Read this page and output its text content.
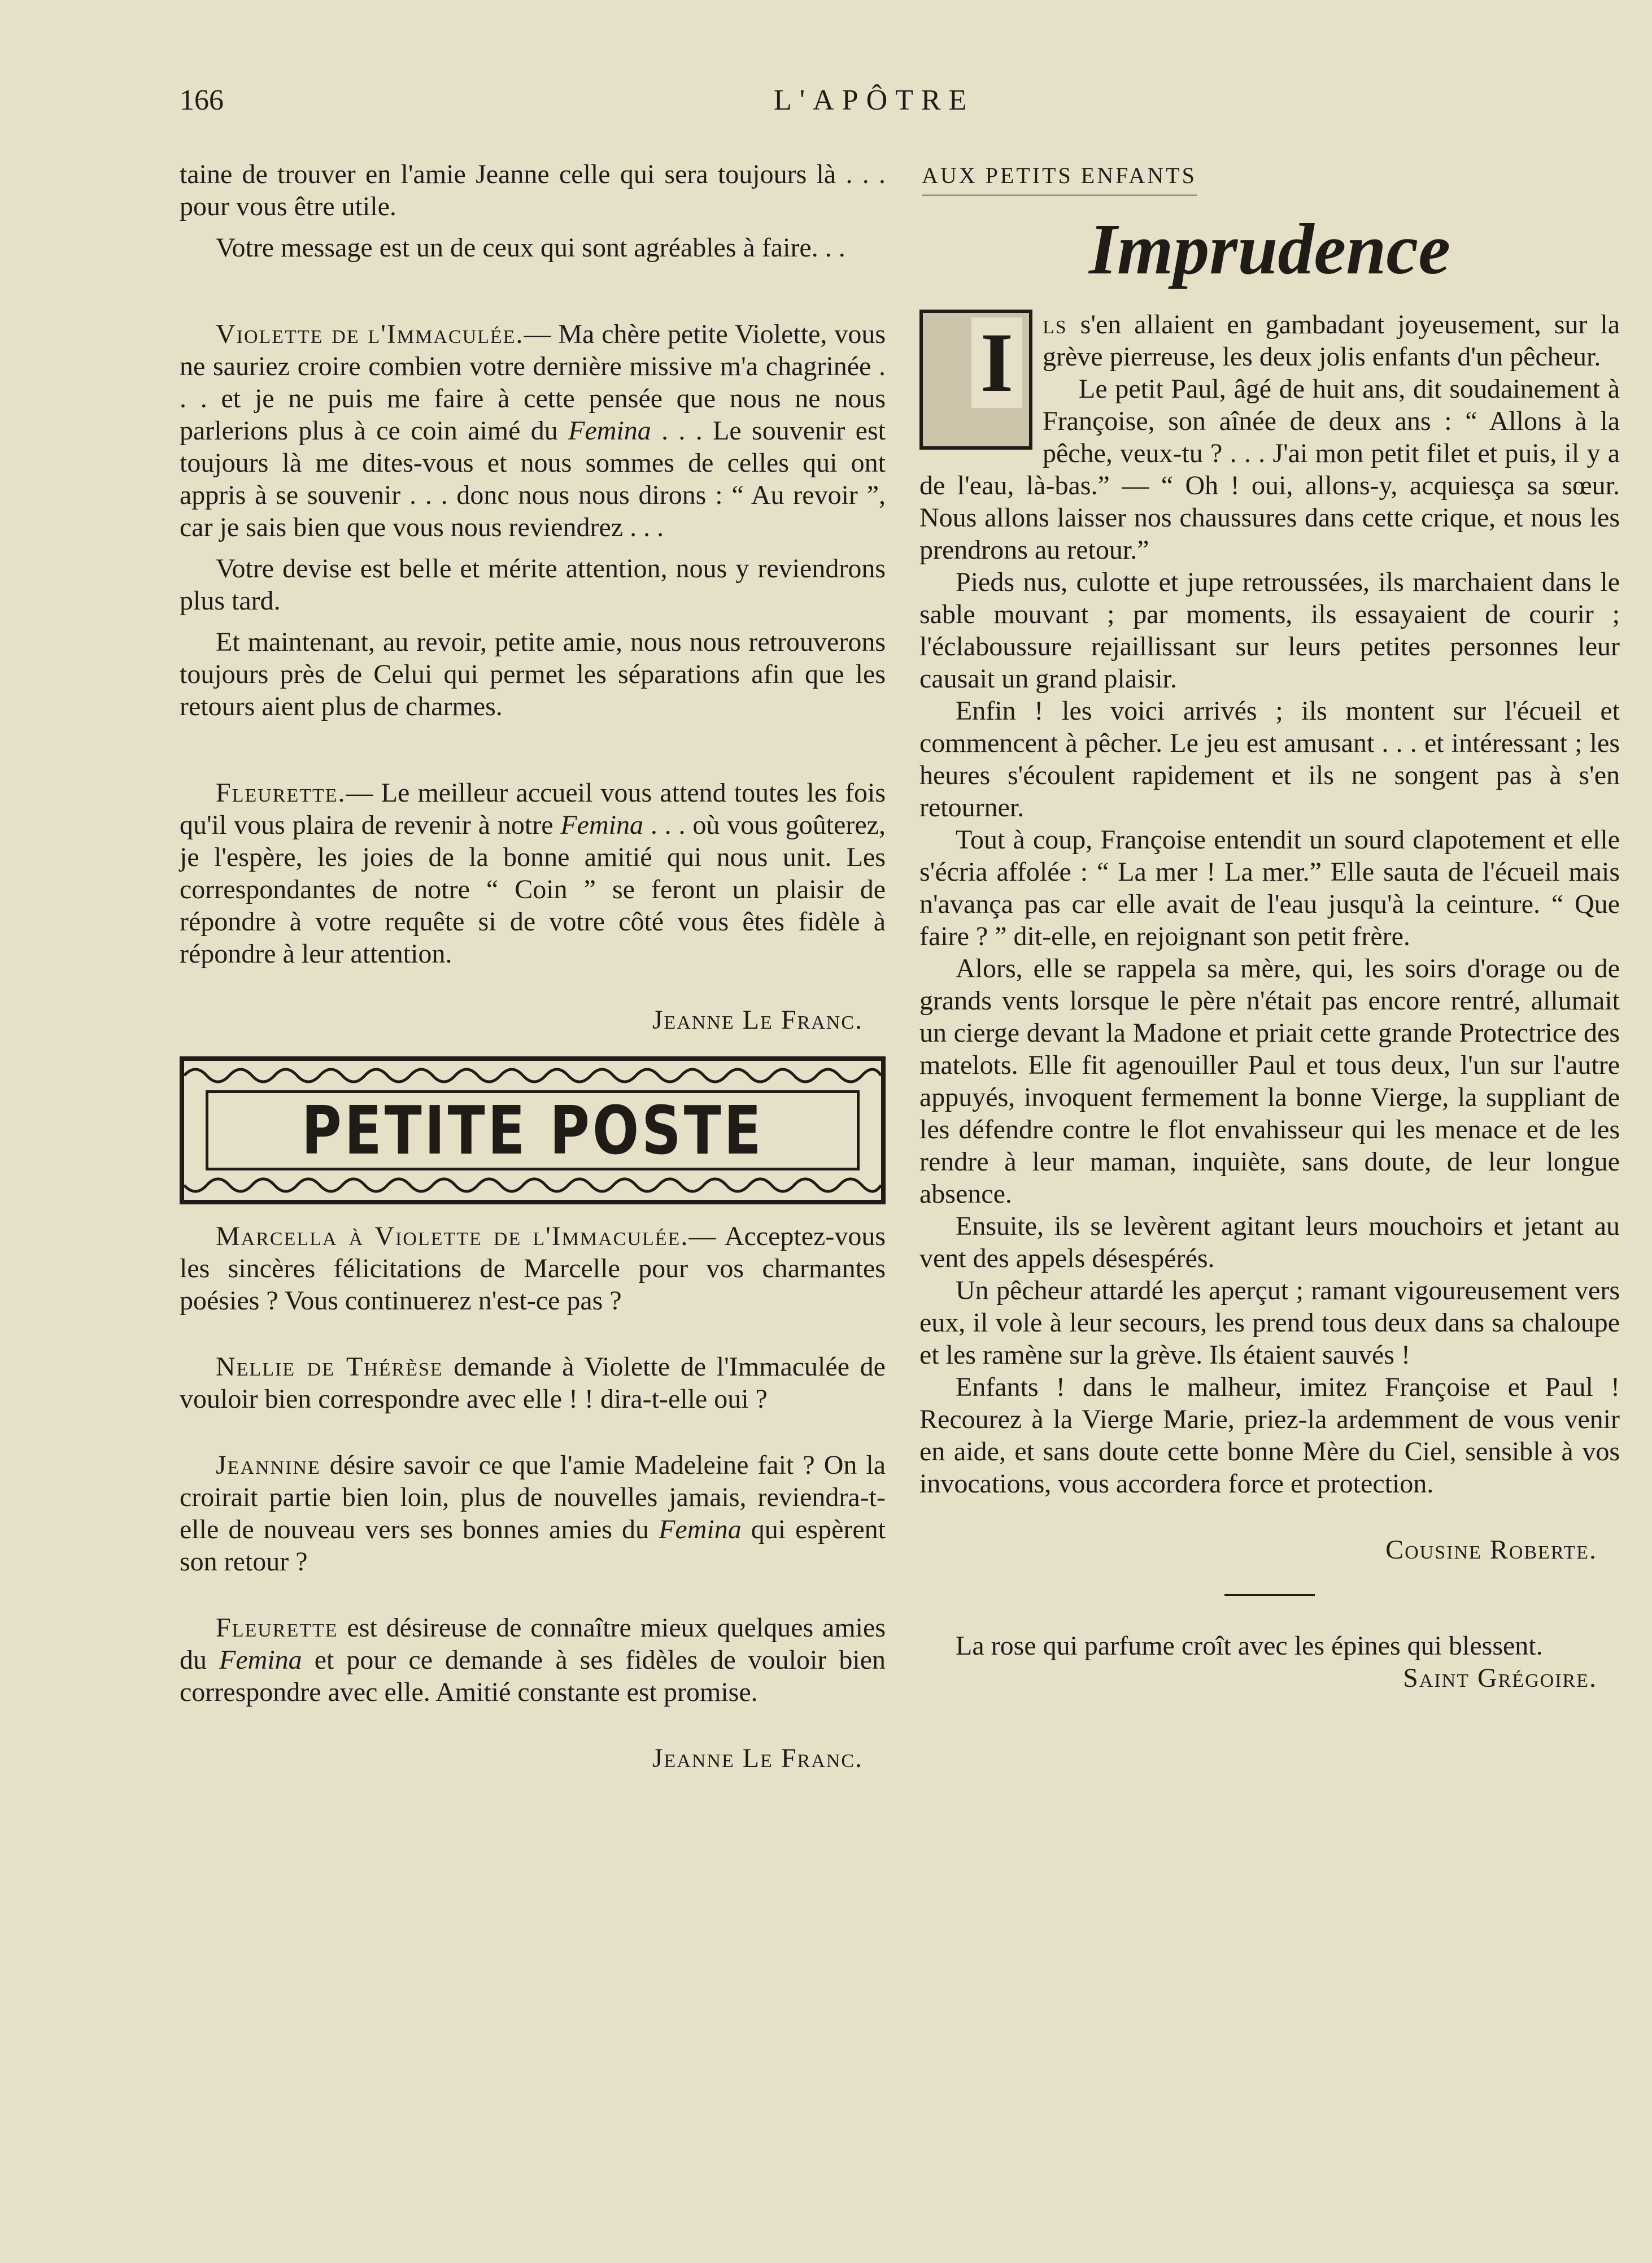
166	L'APÔTRE

taine de trouver en l'amie Jeanne celle qui sera toujours là . . . pour vous être utile.

Votre message est un de ceux qui sont agréables à faire. . .

Violette de l'Immaculée.— Ma chère petite Violette, vous ne sauriez croire combien votre dernière missive m'a chagrinée . . . et je ne puis me faire à cette pensée que nous ne nous parlerions plus à ce coin aimé du Femina . . . Le souvenir est toujours là me dites-vous et nous sommes de celles qui ont appris à se souvenir . . . donc nous nous dirons : “ Au revoir ”, car je sais bien que vous nous reviendrez . . .

Votre devise est belle et mérite attention, nous y reviendrons plus tard.

Et maintenant, au revoir, petite amie, nous nous retrouverons toujours près de Celui qui permet les séparations afin que les retours aient plus de charmes.

Fleurette.— Le meilleur accueil vous attend toutes les fois qu'il vous plaira de revenir à notre Femina . . . où vous goûterez, je l'espère, les joies de la bonne amitié qui nous unit. Les correspondantes de notre “ Coin ” se feront un plaisir de répondre à votre requête si de votre côté vous êtes fidèle à répondre à leur attention.

Jeanne Le Franc.

PETITE POSTE

Marcella à Violette de l'Immaculée.— Acceptez-vous les sincères félicitations de Marcelle pour vos charmantes poésies ? Vous continuerez n'est-ce pas ?

Nellie de Thérèse demande à Violette de l'Immaculée de vouloir bien correspondre avec elle ! ! dira-t-elle oui ?

Jeannine désire savoir ce que l'amie Madeleine fait ? On la croirait partie bien loin, plus de nouvelles jamais, reviendra-t-elle de nouveau vers ses bonnes amies du Femina qui espèrent son retour ?

Fleurette est désireuse de connaître mieux quelques amies du Femina et pour ce demande à ses fidèles de vouloir bien correspondre avec elle. Amitié constante est promise.

Jeanne Le Franc.

AUX PETITS ENFANTS
Imprudence

I	ls s'en allaient en gambadant joyeusement, sur la grève pierreuse, les deux jolis enfants d'un pêcheur.

Le petit Paul, âgé de huit ans, dit soudainement à Françoise, son aînée de deux ans : “ Allons à la pêche, veux-tu ? . . . J'ai mon petit filet et puis, il y a de l'eau, là-bas.” — “ Oh ! oui, allons-y, acquiesça sa sœur. Nous allons laisser nos chaussures dans cette crique, et nous les prendrons au retour.”

Pieds nus, culotte et jupe retroussées, ils marchaient dans le sable mouvant ; par moments, ils essayaient de courir ; l'éclaboussure rejaillissant sur leurs petites personnes leur causait un grand plaisir.

Enfin ! les voici arrivés ; ils montent sur l'écueil et commencent à pêcher. Le jeu est amusant . . . et intéressant ; les heures s'écoulent rapidement et ils ne songent pas à s'en retourner.

Tout à coup, Françoise entendit un sourd clapotement et elle s'écria affolée : “ La mer ! La mer.” Elle sauta de l'écueil mais n'avança pas car elle avait de l'eau jusqu'à la ceinture. “ Que faire ? ” dit-elle, en rejoignant son petit frère.

Alors, elle se rappela sa mère, qui, les soirs d'orage ou de grands vents lorsque le père n'était pas encore rentré, allumait un cierge devant la Madone et priait cette grande Protectrice des matelots. Elle fit agenouiller Paul et tous deux, l'un sur l'autre appuyés, invoquent fermement la bonne Vierge, la suppliant de les défendre contre le flot envahisseur qui les menace et de les rendre à leur maman, inquiète, sans doute, de leur longue absence.

Ensuite, ils se levèrent agitant leurs mouchoirs et jetant au vent des appels désespérés.

Un pêcheur attardé les aperçut ; ramant vigoureusement vers eux, il vole à leur secours, les prend tous deux dans sa chaloupe et les ramène sur la grève. Ils étaient sauvés !

Enfants ! dans le malheur, imitez Françoise et Paul ! Recourez à la Vierge Marie, priez-la ardemment de vous venir en aide, et sans doute cette bonne Mère du Ciel, sensible à vos invocations, vous accordera force et protection.

Cousine Roberte.

La rose qui parfume croît avec les épines qui blessent.

Saint Grégoire.
